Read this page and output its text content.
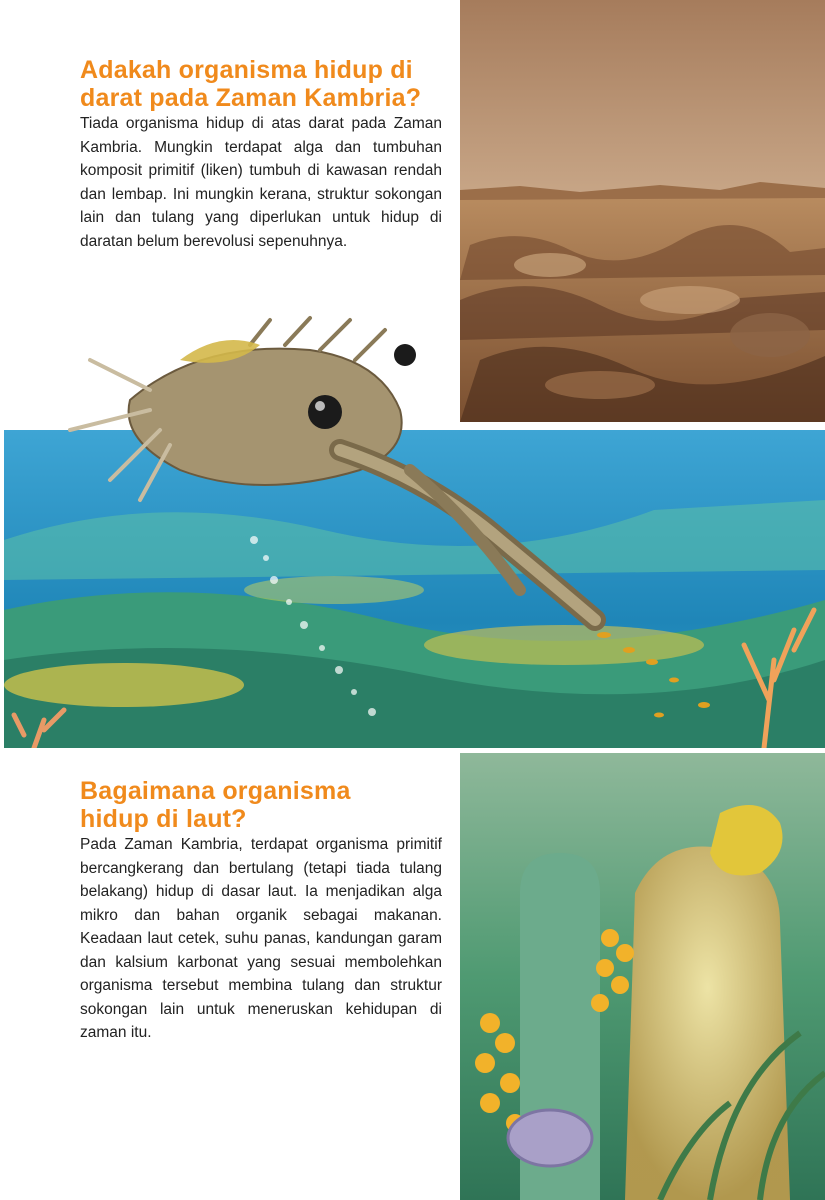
Adakah organisma hidup di
darat pada Zaman Kambria?

Tiada organisma hidup di atas darat pada Zaman Kambria. Mungkin terdapat alga dan tumbuhan komposit primitif (liken) tumbuh di kawasan rendah dan lembap. Ini mungkin kerana, struktur sokongan lain dan tulang yang diperlukan untuk hidup di daratan belum berevolusi sepenuhnya.

Bagaimana organisma
hidup di laut?

Pada Zaman Kambria, terdapat organisma primitif bercangkerang dan bertulang (tetapi tiada tulang belakang) hidup di dasar laut. Ia menjadikan alga mikro dan bahan organik sebagai makanan. Keadaan laut cetek, suhu panas, kandungan garam dan kalsium karbonat yang sesuai membolehkan organisma tersebut membina tulang dan struktur sokongan lain untuk meneruskan kehidupan di zaman itu.
